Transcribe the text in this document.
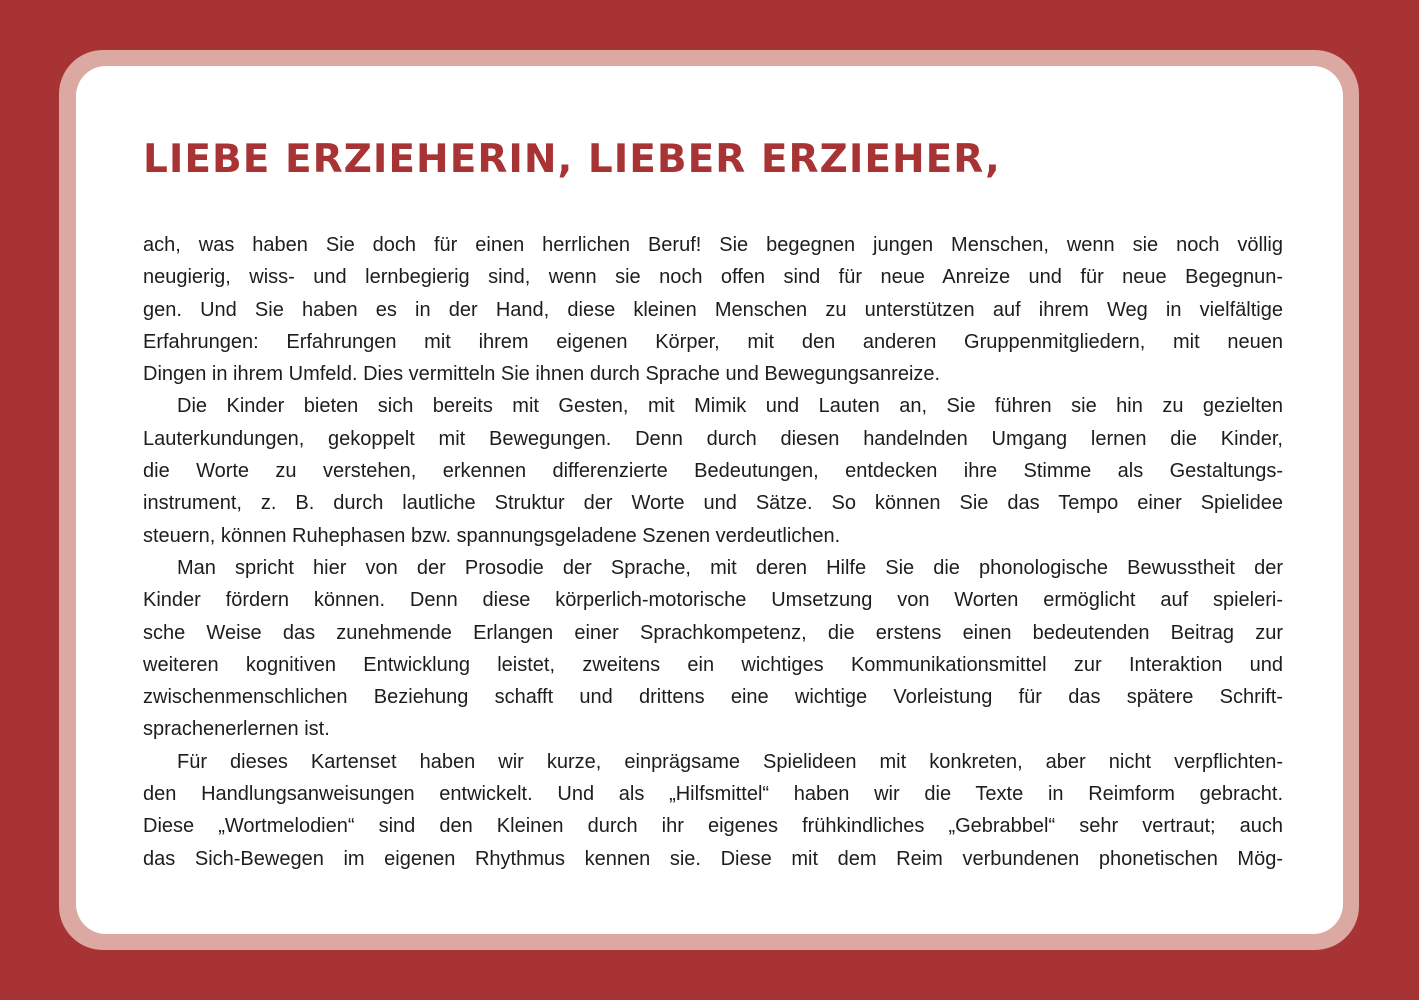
LIEBE ERZIEHERIN, LIEBER ERZIEHER,
ach, was haben Sie doch für einen herrlichen Beruf! Sie begegnen jungen Menschen, wenn sie noch völlig
neugierig, wiss- und lernbegierig sind, wenn sie noch offen sind für neue Anreize und für neue Begegnun-
gen. Und Sie haben es in der Hand, diese kleinen Menschen zu unterstützen auf ihrem Weg in vielfältige
Erfahrungen: Erfahrungen mit ihrem eigenen Körper, mit den anderen Gruppenmitgliedern, mit neuen
Dingen in ihrem Umfeld. Dies vermitteln Sie ihnen durch Sprache und Bewegungsanreize.
Die Kinder bieten sich bereits mit Gesten, mit Mimik und Lauten an, Sie führen sie hin zu gezielten
Lauterkundungen, gekoppelt mit Bewegungen. Denn durch diesen handelnden Umgang lernen die Kinder,
die Worte zu verstehen, erkennen differenzierte Bedeutungen, entdecken ihre Stimme als Gestaltungs-
instrument, z. B. durch lautliche Struktur der Worte und Sätze. So können Sie das Tempo einer Spielidee
steuern, können Ruhephasen bzw. spannungsgeladene Szenen verdeutlichen.
Man spricht hier von der Prosodie der Sprache, mit deren Hilfe Sie die phonologische Bewusstheit der
Kinder fördern können. Denn diese körperlich-motorische Umsetzung von Worten ermöglicht auf spieleri-
sche Weise das zunehmende Erlangen einer Sprachkompetenz, die erstens einen bedeutenden Beitrag zur
weiteren kognitiven Entwicklung leistet, zweitens ein wichtiges Kommunikationsmittel zur Interaktion und
zwischenmenschlichen Beziehung schafft und drittens eine wichtige Vorleistung für das spätere Schrift-
sprachenerlernen ist.
Für dieses Kartenset haben wir kurze, einprägsame Spielideen mit konkreten, aber nicht verpflichten-
den Handlungsanweisungen entwickelt. Und als „Hilfsmittel“ haben wir die Texte in Reimform gebracht.
Diese „Wortmelodien“ sind den Kleinen durch ihr eigenes frühkindliches „Gebrabbel“ sehr vertraut; auch
das Sich-Bewegen im eigenen Rhythmus kennen sie. Diese mit dem Reim verbundenen phonetischen Mög-
